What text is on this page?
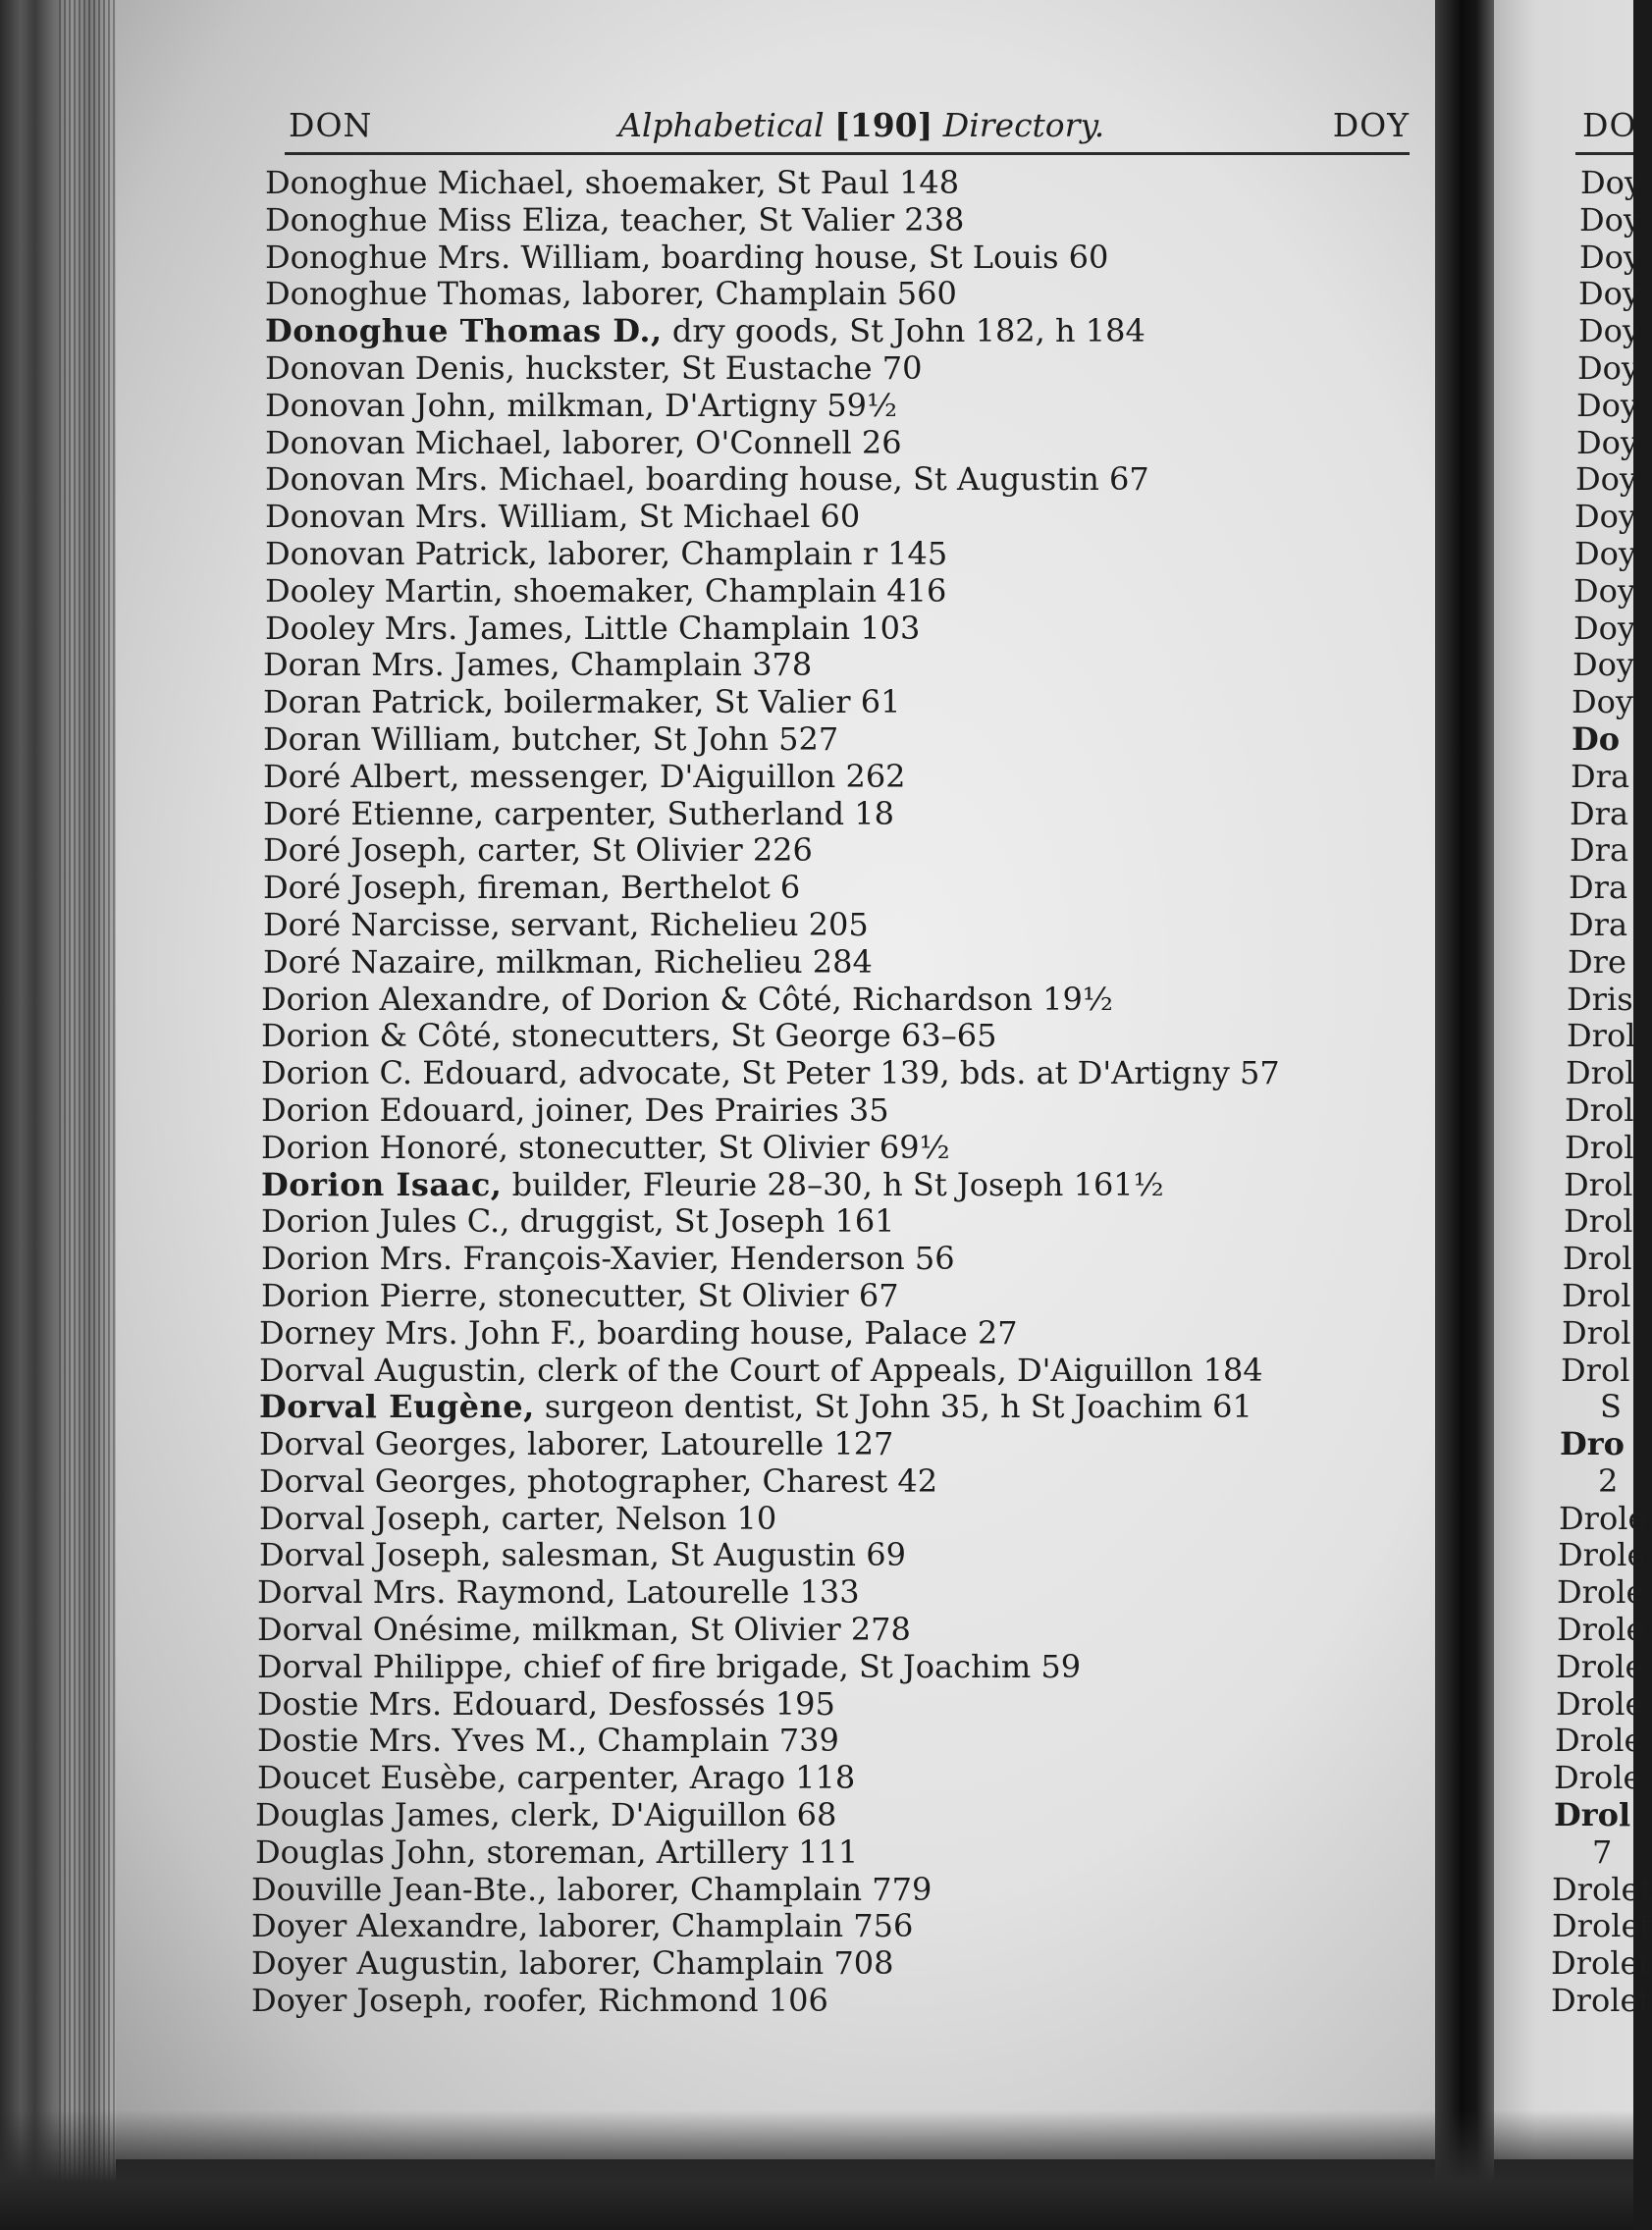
DON	Alphabetical [190] Directory.	DOY
Donoghue Michael, shoemaker, St Paul 148
Donoghue Miss Eliza, teacher, St Valier 238
Donoghue Mrs. William, boarding house, St Louis 60
Donoghue Thomas, laborer, Champlain 560
Donoghue Thomas D., dry goods, St John 182, h 184
Donovan Denis, huckster, St Eustache 70
Donovan John, milkman, D'Artigny 59½
Donovan Michael, laborer, O'Connell 26
Donovan Mrs. Michael, boarding house, St Augustin 67
Donovan Mrs. William, St Michael 60
Donovan Patrick, laborer, Champlain r 145
Dooley Martin, shoemaker, Champlain 416
Dooley Mrs. James, Little Champlain 103
Doran Mrs. James, Champlain 378
Doran Patrick, boilermaker, St Valier 61
Doran William, butcher, St John 527
Doré Albert, messenger, D'Aiguillon 262
Doré Etienne, carpenter, Sutherland 18
Doré Joseph, carter, St Olivier 226
Doré Joseph, fireman, Berthelot 6
Doré Narcisse, servant, Richelieu 205
Doré Nazaire, milkman, Richelieu 284
Dorion Alexandre, of Dorion & Côté, Richardson 19½
Dorion & Côté, stonecutters, St George 63–65
Dorion C. Edouard, advocate, St Peter 139, bds. at D'Artigny 57
Dorion Edouard, joiner, Des Prairies 35
Dorion Honoré, stonecutter, St Olivier 69½
Dorion Isaac, builder, Fleurie 28–30, h St Joseph 161½
Dorion Jules C., druggist, St Joseph 161
Dorion Mrs. François-Xavier, Henderson 56
Dorion Pierre, stonecutter, St Olivier 67
Dorney Mrs. John F., boarding house, Palace 27
Dorval Augustin, clerk of the Court of Appeals, D'Aiguillon 184
Dorval Eugène, surgeon dentist, St John 35, h St Joachim 61
Dorval Georges, laborer, Latourelle 127
Dorval Georges, photographer, Charest 42
Dorval Joseph, carter, Nelson 10
Dorval Joseph, salesman, St Augustin 69
Dorval Mrs. Raymond, Latourelle 133
Dorval Onésime, milkman, St Olivier 278
Dorval Philippe, chief of fire brigade, St Joachim 59
Dostie Mrs. Edouard, Desfossés 195
Dostie Mrs. Yves M., Champlain 739
Doucet Eusèbe, carpenter, Arago 118
Douglas James, clerk, D'Aiguillon 68
Douglas John, storeman, Artillery 111
Douville Jean-Bte., laborer, Champlain 779
Doyer Alexandre, laborer, Champlain 756
Doyer Augustin, laborer, Champlain 708
Doyer Joseph, roofer, Richmond 106
DO
Doy
Doy
Doy
Doy
Doy
Doy
Doy
Doy
Doy
Doy
Doy
Doy
Doy
Doy
Doy
Do
Dra
Dra
Dra
Dra
Dra
Dre
Dris
Drol
Drol
Drol
Drol
Drol
Drol
Drol
Drol
Drol
Drol
S
Dro
2
Drole
Drole
Drole
Drole
Drole
Drole
Drole
Drole
Drol
7
Drolet
Drolet
Drolet
Drolet
